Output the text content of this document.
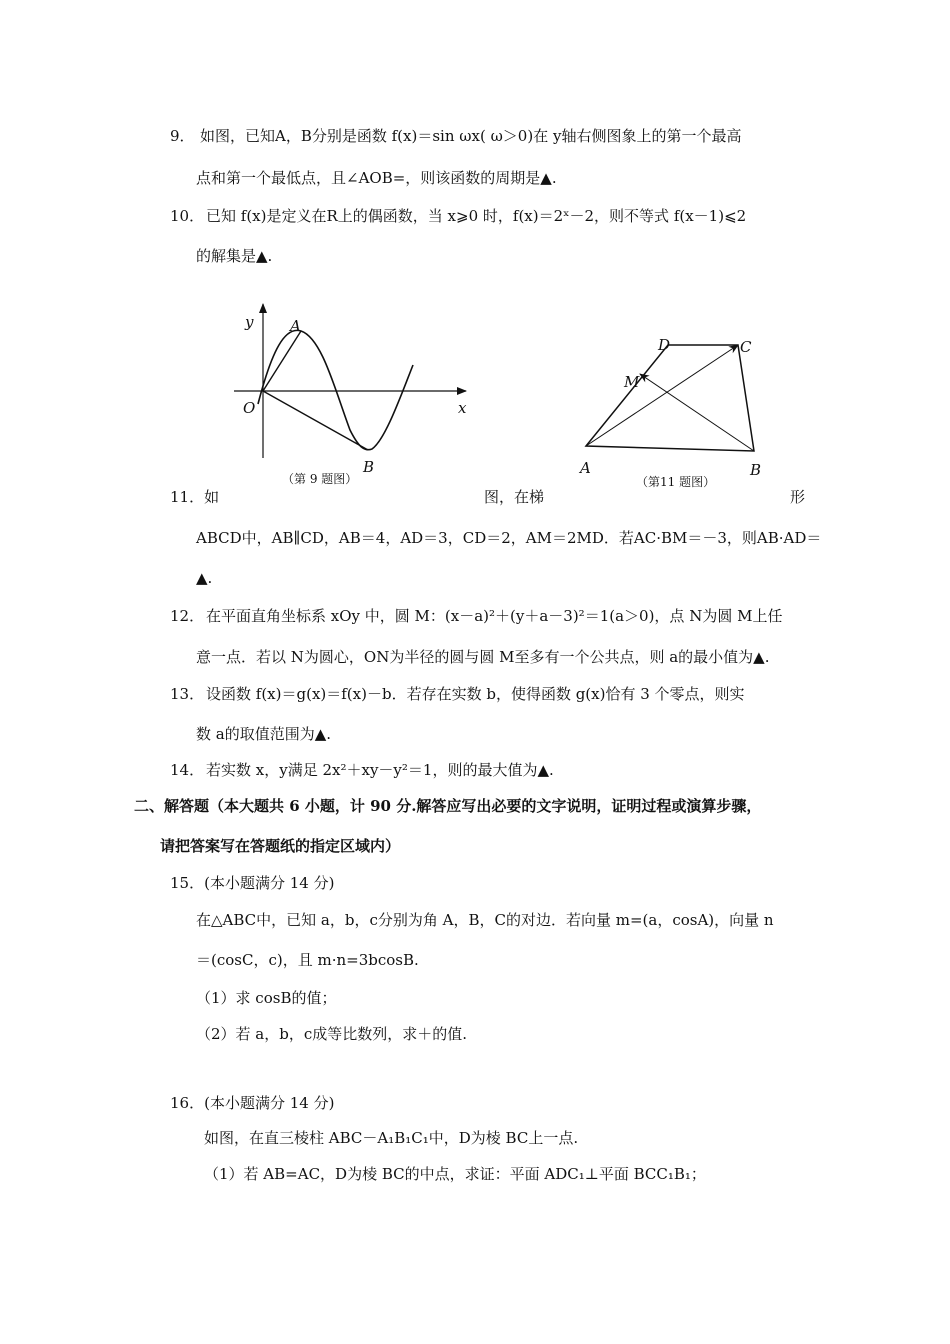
9． 如图，已知A，B分别是函数 f(x)＝sin ωx( ω＞0)在 y轴右侧图象上的第一个最高
点和第一个最低点，且∠AOB=，则该函数的周期是▲.
10． 已知 f(x)是定义在R上的偶函数，当 x⩾0 时，f(x)＝2ˣ－2，则不等式 f(x－1)⩽2
的解集是▲.
y
x
O
A
B
（第 9 题图）
D	C
M
A	B
（第11 题图）
11．如	图，在梯	形
ABCD中，AB∥CD，AB＝4，AD＝3，CD＝2，AM＝2MD．若AC·BM＝－3，则AB·AD＝
▲.
12． 在平面直角坐标系 xOy 中，圆 M：(x－a)²＋(y＋a－3)²＝1(a＞0)，点 N为圆 M上任
意一点．若以 N为圆心，ON为半径的圆与圆 M至多有一个公共点，则 a的最小值为▲.
13． 设函数 f(x)＝g(x)＝f(x)－b．若存在实数 b，使得函数 g(x)恰有 3 个零点，则实
数 a的取值范围为▲.
14． 若实数 x，y满足 2x²＋xy－y²＝1，则的最大值为▲.
二、解答题（本大题共 6 小题，计 90 分.解答应写出必要的文字说明，证明过程或演算步骤，
请把答案写在答题纸的指定区域内）
15．(本小题满分 14 分)
在△ABC中，已知 a，b，c分别为角 A，B，C的对边．若向量 m=(a，cosA)，向量 n
＝(cosC，c)，且 m·n=3bcosB.
（1）求 cosB的值；
（2）若 a，b，c成等比数列，求＋的值.
16．(本小题满分 14 分)
如图，在直三棱柱 ABC－A₁B₁C₁中，D为棱 BC上一点.
（1）若 AB=AC，D为棱 BC的中点，求证：平面 ADC₁⊥平面 BCC₁B₁；
